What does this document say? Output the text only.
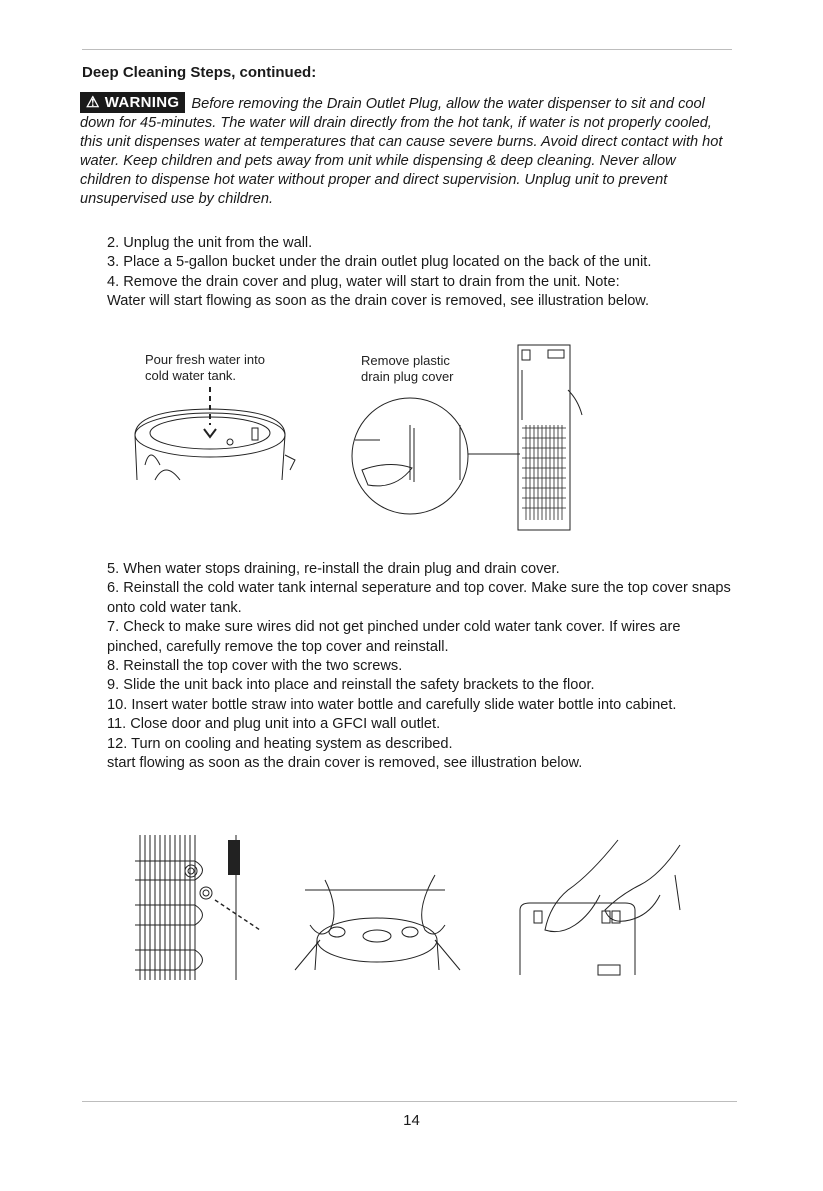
Deep Cleaning Steps, continued:
⚠ WARNING Before removing the Drain Outlet Plug, allow the water dispenser to sit and cool down for 45-minutes. The water will drain directly from the hot tank, if water is not properly cooled, this unit dispenses water at temperatures that can cause severe burns. Avoid direct contact with hot water. Keep children and pets away from unit while dispensing & deep cleaning. Never allow children to dispense hot water without proper and direct supervision. Unplug unit to prevent unsupervised use by children.

2. Unplug the unit from the wall.

3. Place a 5-gallon bucket under the drain outlet plug located on the back of the unit.

4. Remove the drain cover and plug, water will start to drain from the unit. Note:

Water will start flowing as soon as the drain cover is removed, see illustration below.

Pour fresh water into
cold water tank.
Remove plastic
drain plug cover

5. When water stops draining, re-install the drain plug and drain cover.

6. Reinstall the cold water tank internal seperature and top cover. Make sure the top cover snaps onto cold water tank.

7. Check to make sure wires did not get pinched under cold water tank cover. If wires are pinched, carefully remove the top cover and reinstall.

8. Reinstall the top cover with the two screws.

9. Slide the unit back into place and reinstall the safety brackets to the floor.

10. Insert water bottle straw into water bottle and carefully slide water bottle into cabinet.

11. Close door and plug unit into a GFCI wall outlet.

12. Turn on cooling and heating system as described.

start flowing as soon as the drain cover is removed, see illustration below.

14
